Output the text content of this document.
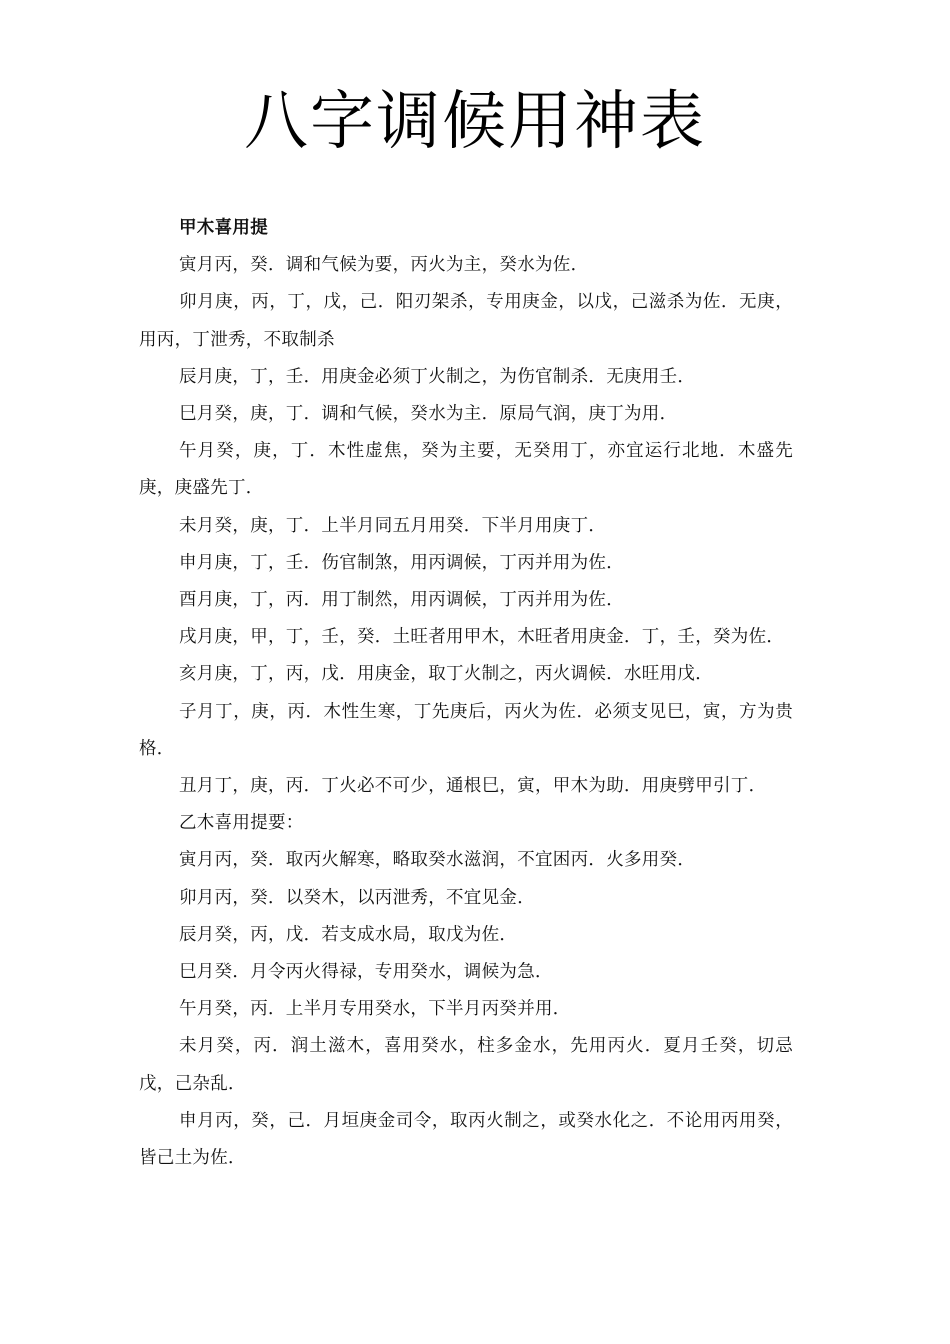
八字调候用神表

甲木喜用提

寅月丙，癸．调和气候为要，丙火为主，癸水为佐．

卯月庚，丙，丁，戊，己．阳刃架杀，专用庚金，以戊，己滋杀为佐．无庚，用丙，丁泄秀，不取制杀

辰月庚，丁，壬．用庚金必须丁火制之，为伤官制杀．无庚用壬．

巳月癸，庚，丁．调和气候，癸水为主．原局气润，庚丁为用．

午月癸，庚，丁．木性虚焦，癸为主要，无癸用丁，亦宜运行北地．木盛先庚，庚盛先丁．

未月癸，庚，丁．上半月同五月用癸．下半月用庚丁．

申月庚，丁，壬．伤官制煞，用丙调候，丁丙并用为佐．

酉月庚，丁，丙．用丁制然，用丙调候，丁丙并用为佐．

戌月庚，甲，丁，壬，癸．土旺者用甲木，木旺者用庚金．丁，壬，癸为佐．

亥月庚，丁，丙，戊．用庚金，取丁火制之，丙火调候．水旺用戊．

子月丁，庚，丙．木性生寒，丁先庚后，丙火为佐．必须支见巳，寅，方为贵格．

丑月丁，庚，丙．丁火必不可少，通根巳，寅，甲木为助．用庚劈甲引丁．

乙木喜用提要：

寅月丙，癸．取丙火解寒，略取癸水滋润，不宜困丙．火多用癸．

卯月丙，癸．以癸木，以丙泄秀，不宜见金．

辰月癸，丙，戊．若支成水局，取戊为佐．

巳月癸．月令丙火得禄，专用癸水，调候为急．

午月癸，丙．上半月专用癸水，下半月丙癸并用．

未月癸，丙．润土滋木，喜用癸水，柱多金水，先用丙火．夏月壬癸，切忌戊，己杂乱．

申月丙，癸，己．月垣庚金司令，取丙火制之，或癸水化之．不论用丙用癸，皆己土为佐．
